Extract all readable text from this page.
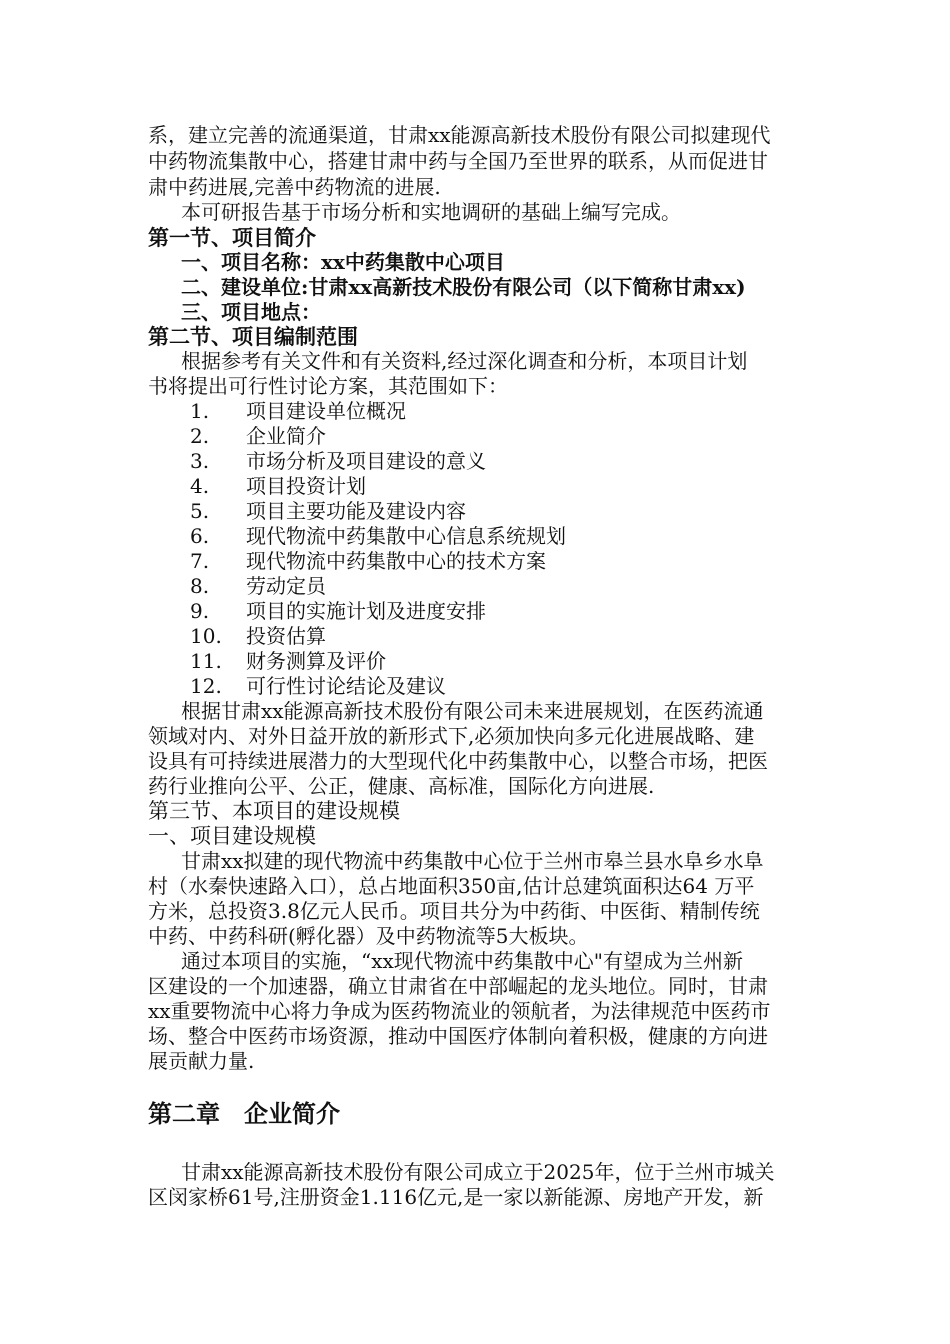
系，建立完善的流通渠道，甘肃xx能源高新技术股份有限公司拟建现代
中药物流集散中心，搭建甘肃中药与全国乃至世界的联系，从而促进甘
肃中药进展,完善中药物流的进展.
本可研报告基于市场分析和实地调研的基础上编写完成。
第一节、项目简介
一、项目名称：xx中药集散中心项目
二、建设单位:甘肃xx高新技术股份有限公司（以下简称甘肃xx)
三、项目地点：
第二节、项目编制范围
根据参考有关文件和有关资料,经过深化调查和分析，本项目计划
书将提出可行性讨论方案，其范围如下：
1. 项目建设单位概况
2. 企业简介
3. 市场分析及项目建设的意义
4. 项目投资计划
5. 项目主要功能及建设内容
6. 现代物流中药集散中心信息系统规划
7. 现代物流中药集散中心的技术方案
8. 劳动定员
9. 项目的实施计划及进度安排
10. 投资估算
11. 财务测算及评价
12. 可行性讨论结论及建议
根据甘肃xx能源高新技术股份有限公司未来进展规划，在医药流通
领域对内、对外日益开放的新形式下,必须加快向多元化进展战略、建
设具有可持续进展潜力的大型现代化中药集散中心，以整合市场，把医
药行业推向公平、公正，健康、高标准，国际化方向进展.
第三节、本项目的建设规模
一、项目建设规模
甘肃xx拟建的现代物流中药集散中心位于兰州市皋兰县水阜乡水阜
村（水秦快速路入口），总占地面积350亩,估计总建筑面积达64 万平
方米，总投资3.8亿元人民币。项目共分为中药街、中医街、精制传统
中药、中药科研(孵化器）及中药物流等5大板块。
通过本项目的实施，“xx现代物流中药集散中心"有望成为兰州新
区建设的一个加速器，确立甘肃省在中部崛起的龙头地位。同时，甘肃
xx重要物流中心将力争成为医药物流业的领航者，为法律规范中医药市
场、整合中医药市场资源，推动中国医疗体制向着积极，健康的方向进
展贡献力量.
第二章　企业简介
甘肃xx能源高新技术股份有限公司成立于2025年，位于兰州市城关
区闵家桥61号,注册资金1.116亿元,是一家以新能源、房地产开发，新
